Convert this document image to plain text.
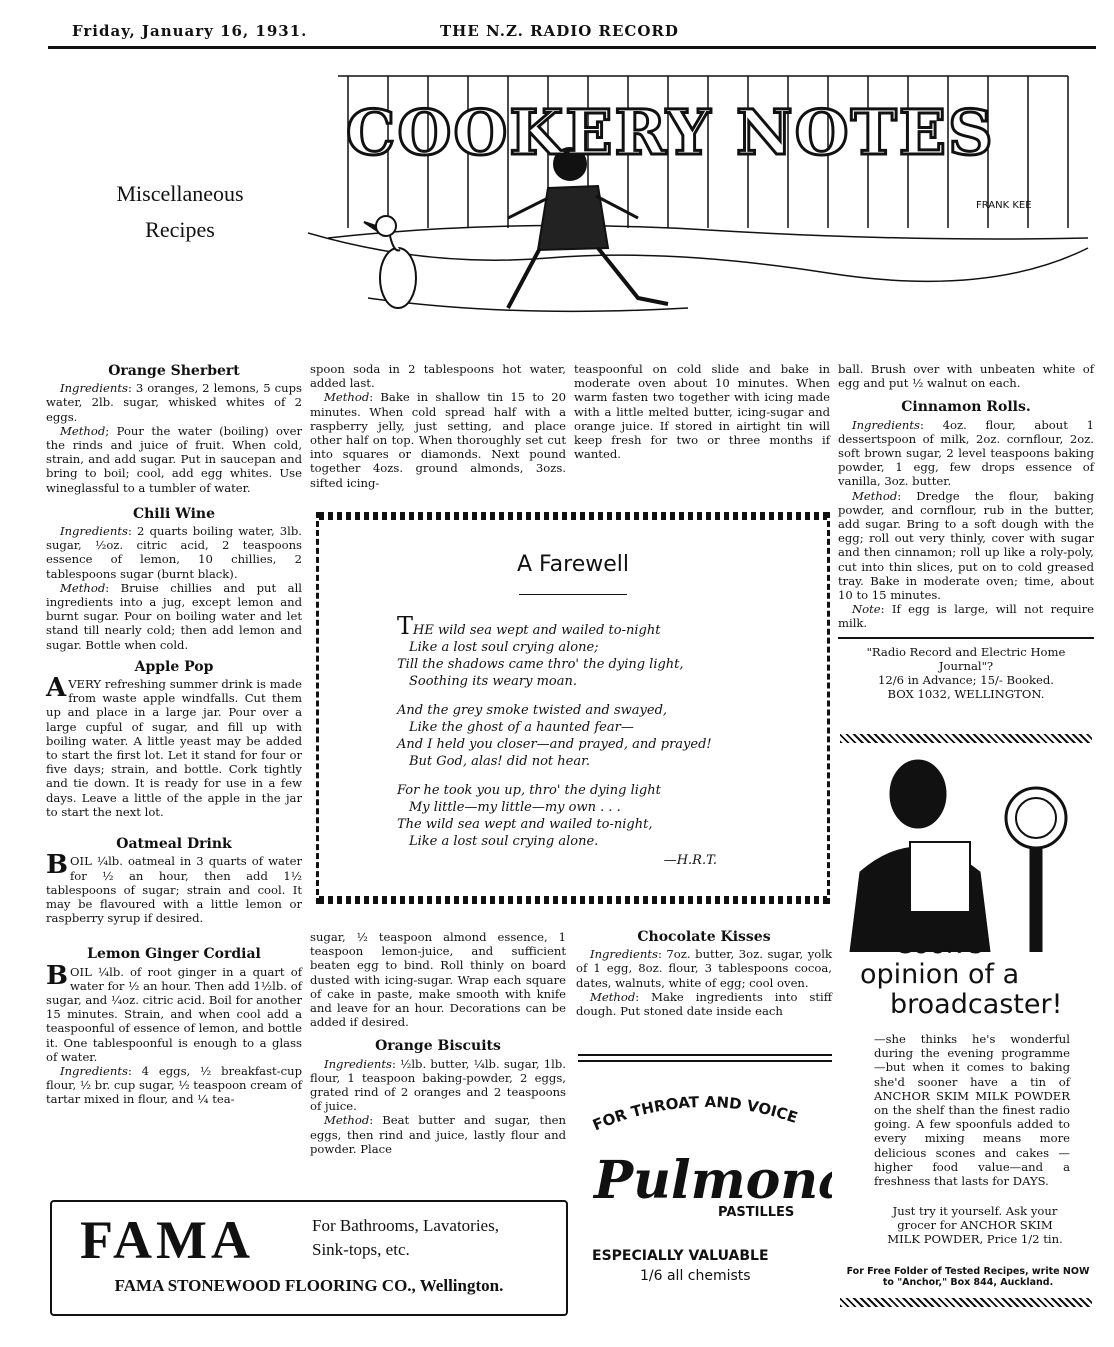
Friday, January 16, 1931.	THE N.Z. RADIO RECORD
COOKERY NOTES
FRANK KEE
Miscellaneous
Recipes
Orange Sherbert

Ingredients: 3 oranges, 2 lemons, 5 cups water, 2lb. sugar, whisked whites of 2 eggs.

Method; Pour the water (boiling) over the rinds and juice of fruit. When cold, strain, and add sugar. Put in saucepan and bring to boil; cool, add egg whites. Use wineglassful to a tumbler of water.

Chili Wine

Ingredients: 2 quarts boiling water, 3lb. sugar, ½oz. citric acid, 2 teaspoons essence of lemon, 10 chillies, 2 tablespoons sugar (burnt black).

Method: Bruise chillies and put all ingredients into a jug, except lemon and burnt sugar. Pour on boiling water and let stand till nearly cold; then add lemon and sugar. Bottle when cold.

Apple Pop

A VERY refreshing summer drink is made from waste apple windfalls. Cut them up and place in a large jar. Pour over a large cupful of sugar, and fill up with boiling water. A little yeast may be added to start the first lot. Let it stand for four or five days; strain, and bottle. Cork tightly and tie down. It is ready for use in a few days. Leave a little of the apple in the jar to start the next lot.

Oatmeal Drink

BOIL ¼lb. oatmeal in 3 quarts of water for ½ an hour, then add 1½ tablespoons of sugar; strain and cool. It may be flavoured with a little lemon or raspberry syrup if desired.

Lemon Ginger Cordial

BOIL ¼lb. of root ginger in a quart of water for ½ an hour. Then add 1½lb. of sugar, and ¼oz. citric acid. Boil for another 15 minutes. Strain, and when cool add a teaspoonful of essence of lemon, and bottle it. One tablespoonful is enough to a glass of water.

Ingredients: 4 eggs, ½ breakfast-cup flour, ½ br. cup sugar, ½ teaspoon cream of tartar mixed in flour, and ¼ tea-

spoon soda in 2 tablespoons hot water, added last.

Method: Bake in shallow tin 15 to 20 minutes. When cold spread half with a raspberry jelly, just setting, and place other half on top. When thoroughly set cut into squares or diamonds. Next pound together 4ozs. ground almonds, 3ozs. sifted icing-

teaspoonful on cold slide and bake in moderate oven about 10 minutes. When warm fasten two together with icing made with a little melted butter, icing-sugar and orange juice. If stored in airtight tin will keep fresh for two or three months if wanted.

A Farewell
THE wild sea wept and wailed to-night
Like a lost soul crying alone;
Till the shadows came thro' the dying light,
Soothing its weary moan.
And the grey smoke twisted and swayed,
Like the ghost of a haunted fear—
And I held you closer—and prayed, and prayed!
But God, alas! did not hear.
For he took you up, thro' the dying light
My little—my little—my own . . .
The wild sea wept and wailed to-night,
Like a lost soul crying alone.
—H.R.T.

sugar, ½ teaspoon almond essence, 1 teaspoon lemon-juice, and sufficient beaten egg to bind. Roll thinly on board dusted with icing-sugar. Wrap each square of cake in paste, make smooth with knife and leave for an hour. Decorations can be added if desired.

Orange Biscuits

Ingredients: ½lb. butter, ¼lb. sugar, 1lb. flour, 1 teaspoon baking-powder, 2 eggs, grated rind of 2 oranges and 2 teaspoons of juice.

Method: Beat butter and sugar, then eggs, then rind and juice, lastly flour and powder. Place

Chocolate Kisses

Ingredients: 7oz. butter, 3oz. sugar, yolk of 1 egg, 8oz. flour, 3 tablespoons cocoa, dates, walnuts, white of egg; cool oven.

Method: Make ingredients into stiff dough. Put stoned date inside each

FOR THROAT AND VOICE
Pulmon
PASTILLES
ESPECIALLY VALUABLE
1/6 all chemists
FAMA	For Bathrooms, Lavatories,
Sink-tops, etc.
FAMA STONEWOOD FLOORING CO., Wellington.

ball. Brush over with unbeaten white of egg and put ½ walnut on each.

Cinnamon Rolls.

Ingredients: 4oz. flour, about 1 dessertspoon of milk, 2oz. cornflour, 2oz. soft brown sugar, 2 level teaspoons baking powder, 1 egg, few drops essence of vanilla, 3oz. butter.

Method: Dredge the flour, baking powder, and cornflour, rub in the butter, add sugar. Bring to a soft dough with the egg; roll out very thinly, cover with sugar and then cinnamon; roll up like a roly-poly, cut into thin slices, put on to cold greased tray. Bake in moderate oven; time, about 10 to 15 minutes.

Note: If egg is large, will not require milk.

"Radio Record and Electric Home Journal"?
12/6 in Advance; 15/- Booked.
BOX 1032, WELLINGTON.
Cook's
opinion of a
broadcaster!
—she thinks he's wonderful during the evening programme —but when it comes to baking she'd sooner have a tin of ANCHOR SKIM MILK POWDER on the shelf than the finest radio going. A few spoonfuls added to every mixing means more delicious scones and cakes — higher food value—and a freshness that lasts for DAYS.
Just try it yourself. Ask your grocer for ANCHOR SKIM MILK POWDER, Price 1/2 tin.
For Free Folder of Tested Recipes, write NOW to "Anchor," Box 844, Auckland.
